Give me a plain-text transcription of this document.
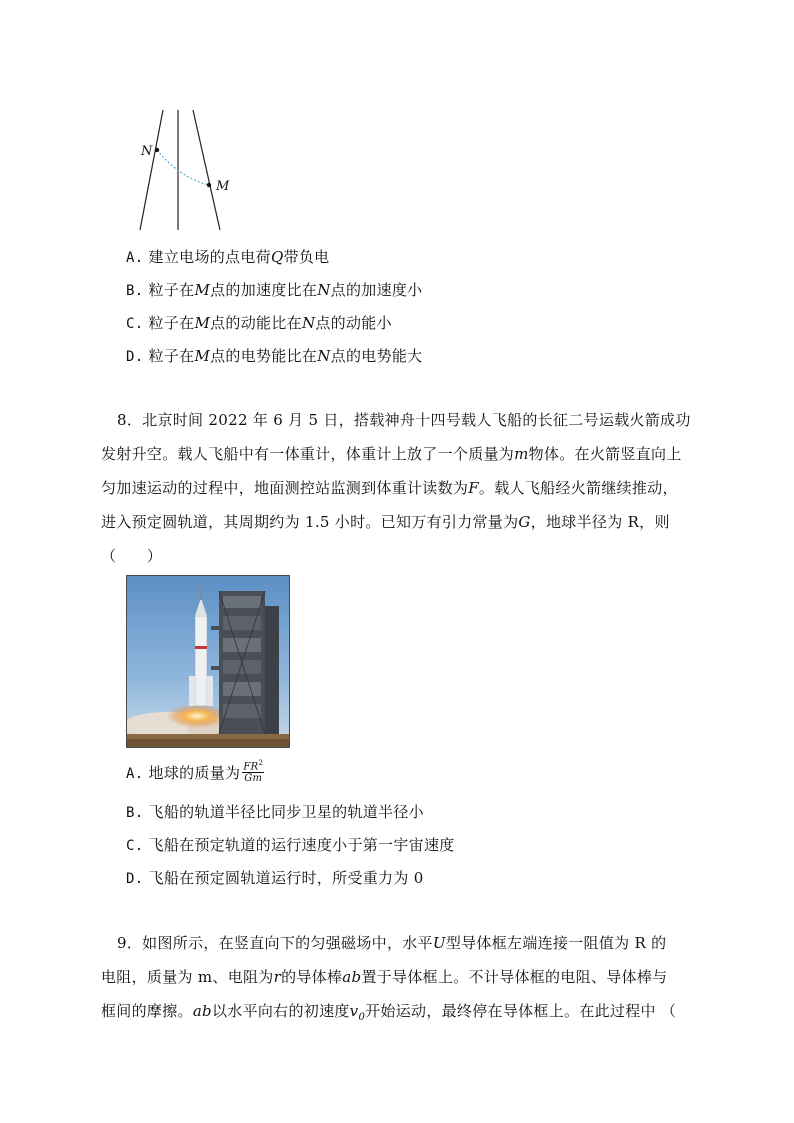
N
M
A. 建立电场的点电荷Q带负电
B. 粒子在M点的加速度比在N点的加速度小
C. 粒子在M点的动能比在N点的动能小
D. 粒子在M点的电势能比在N点的电势能大
8．北京时间 2022 年 6 月 5 日，搭载神舟十四号载人飞船的长征二号运载火箭成功
发射升空。载人飞船中有一体重计，体重计上放了一个质量为m物体。在火箭竖直向上
匀加速运动的过程中，地面测控站监测到体重计读数为F。载人飞船经火箭继续推动，
进入预定圆轨道，其周期约为 1.5 小时。已知万有引力常量为G，地球半径为 R，则
（　　）
A. 地球的质量为 $\frac{FR^2}{Gm}$
B. 飞船的轨道半径比同步卫星的轨道半径小
C. 飞船在预定轨道的运行速度小于第一宇宙速度
D. 飞船在预定圆轨道运行时，所受重力为 0
9．如图所示，在竖直向下的匀强磁场中，水平U型导体框左端连接一阻值为 R 的
电阻，质量为 m、电阻为r的导体棒ab置于导体框上。不计导体框的电阻、导体棒与
框间的摩擦。ab以水平向右的初速度$v_0$开始运动，最终停在导体框上。在此过程中 （
